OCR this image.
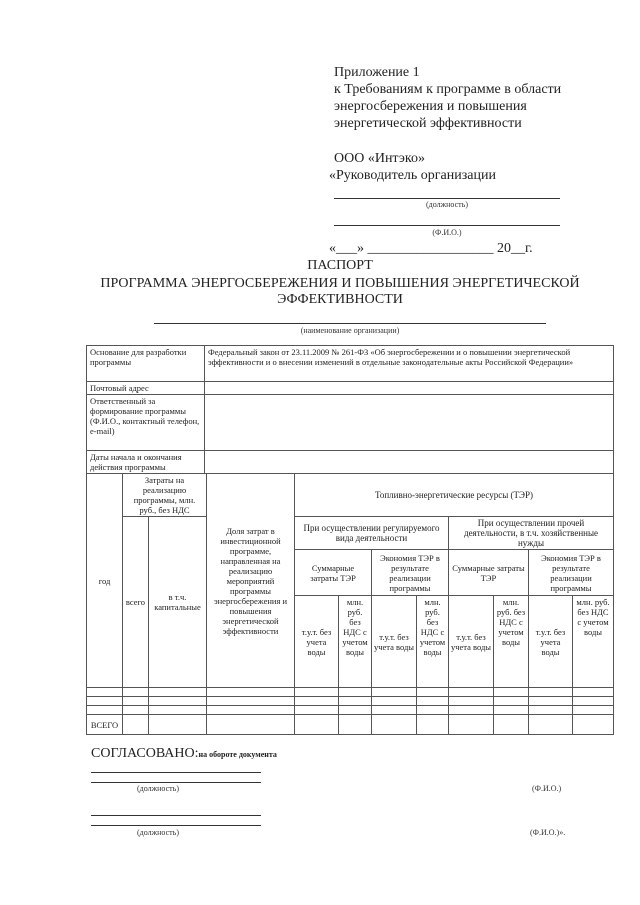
Приложение 1
к Требованиям к программе в области
энергосбережения и повышения
энергетической эффективности
ООО «Интэко»
«Руководитель организации
(должность)
(Ф.И.О.)
«___» __________________ 20__г.
ПАСПОРТ
ПРОГРАММА ЭНЕРГОСБЕРЕЖЕНИЯ И ПОВЫШЕНИЯ ЭНЕРГЕТИЧЕСКОЙ
ЭФФЕКТИВНОСТИ
(наименование организации)
Основание для разработки программы	Федеральный закон от 23.11.2009 № 261-ФЗ «Об энергосбережении и о повышении энергетической эффективности и о внесении изменений в отдельные законодательные акты Российской Федерации»
Почтовый адрес	
Ответственный за формирование программы (Ф.И.О., контактный телефон, e-mail)	
Даты начала и окончания действия программы	
год	Затраты на реализацию программы, млн. руб., без НДС		Доля затрат в инвестиционной программе, направленная на реализацию мероприятий программы энергосбережения и повышения энергетической эффективности	Топливно-энергетические ресурсы (ТЭР)							
	всего	в т.ч. капитальные		При осуществлении регулируемого вида деятельности				При осуществлении прочей деятельности, в т.ч. хозяйственные нужды			
				Суммарные затраты ТЭР		Экономия ТЭР в результате реализации программы		Суммарные затраты ТЭР		Экономия ТЭР в результате реализации программы	
				т.у.т. без учета воды	млн. руб. без НДС с учетом воды	т.у.т. без учета воды	млн. руб. без НДС с учетом воды	т.у.т. без учета воды	млн. руб. без НДС с учетом воды	т.у.т. без учета воды	млн. руб. без НДС с учетом воды

ВСЕГО											
СОГЛАСОВАНО:на обороте документа
(должность)	(Ф.И.О.)
(должность)	(Ф.И.О.)».
